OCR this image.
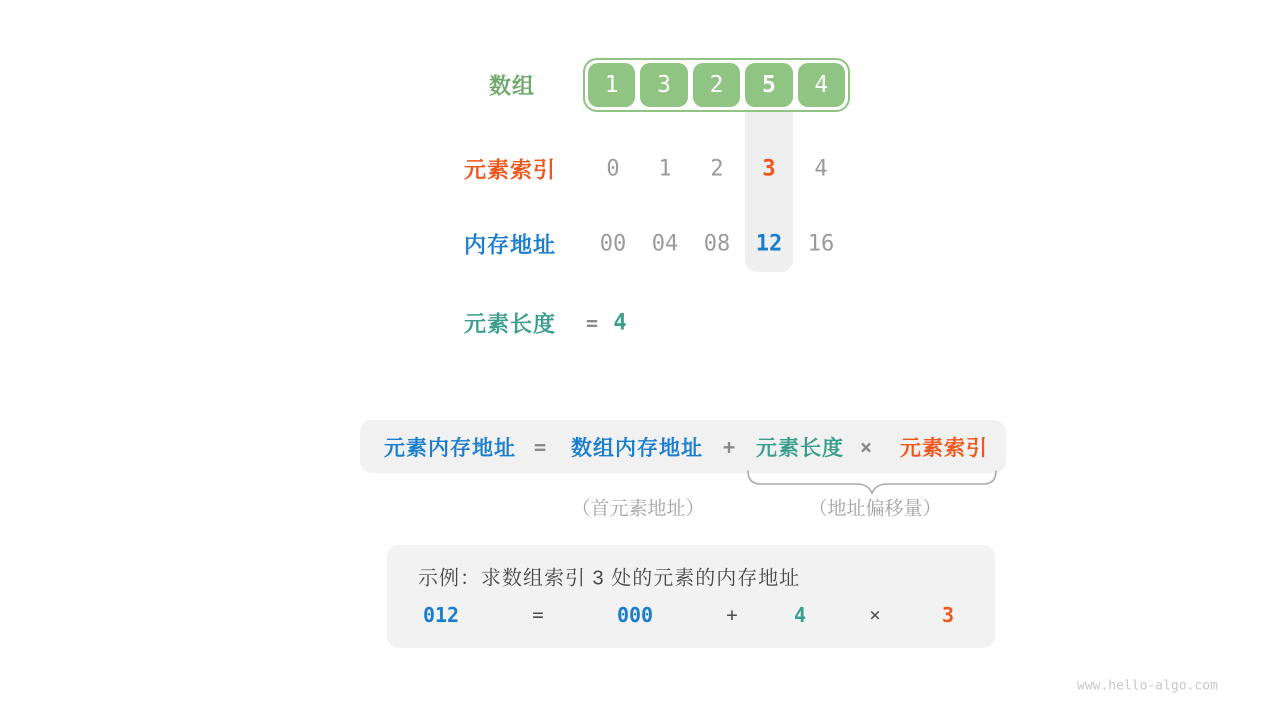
数组	1 3 2 5 4
元素索引	0	1	2	3	4
内存地址	00	04	08	12	16
元素长度 = 4
元素内存地址 = 数组内存地址 + 元素长度 × 元素索引
（首元素地址）	（地址偏移量）
示例：求数组索引 3 处的元素的内存地址
012	=	000	+	4	×	3
www.hello-algo.com
